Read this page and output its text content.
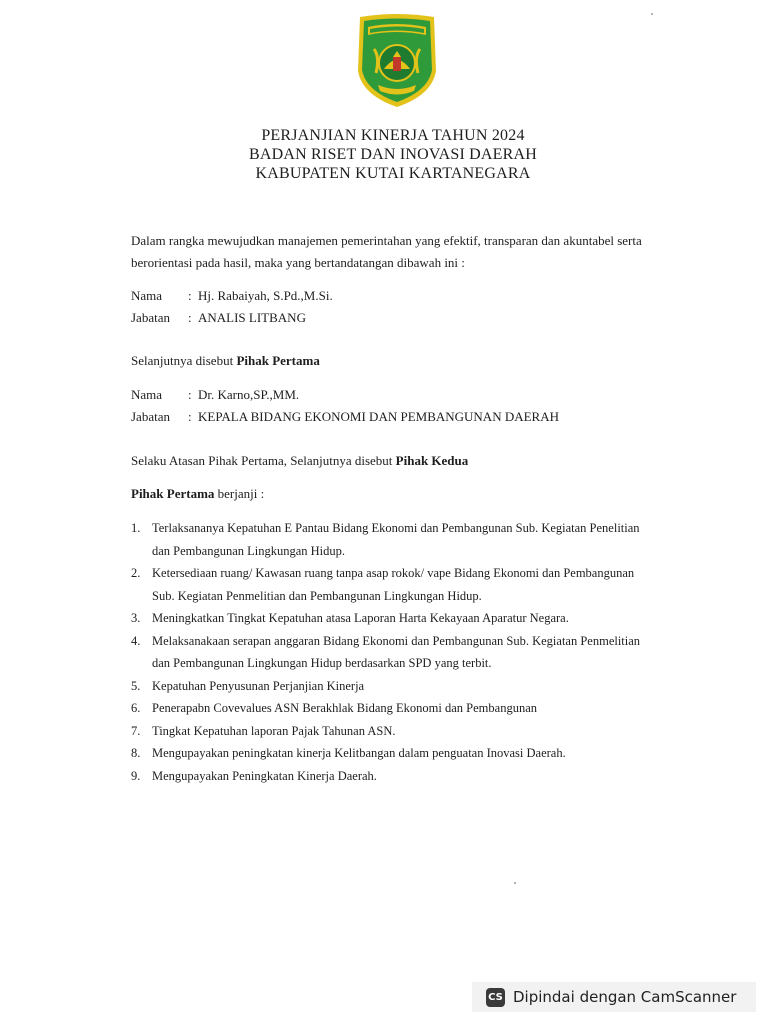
PERJANJIAN KINERJA TAHUN 2024
BADAN RISET DAN INOVASI DAERAH
KABUPATEN KUTAI KARTANEGARA
Dalam rangka mewujudkan manajemen pemerintahan yang efektif, transparan dan akuntabel serta berorientasi pada hasil, maka yang bertandatangan dibawah ini :
Nama : Hj. Rabaiyah, S.Pd.,M.Si.
Jabatan : ANALIS LITBANG
Selanjutnya disebut Pihak Pertama
Nama : Dr. Karno,SP.,MM.
Jabatan : KEPALA BIDANG EKONOMI DAN PEMBANGUNAN DAERAH
Selaku Atasan Pihak Pertama, Selanjutnya disebut Pihak Kedua
Pihak Pertama berjanji :
1. Terlaksananya Kepatuhan E Pantau Bidang Ekonomi dan Pembangunan Sub. Kegiatan Penelitian dan Pembangunan Lingkungan Hidup.
2. Ketersediaan ruang/ Kawasan ruang tanpa asap rokok/ vape Bidang Ekonomi dan Pembangunan Sub. Kegiatan Penmelitian dan Pembangunan Lingkungan Hidup.
3. Meningkatkan Tingkat Kepatuhan atasa Laporan Harta Kekayaan Aparatur Negara.
4. Melaksanakaan serapan anggaran Bidang Ekonomi dan Pembangunan Sub. Kegiatan Penmelitian dan Pembangunan Lingkungan Hidup berdasarkan SPD yang terbit.
5. Kepatuhan Penyusunan Perjanjian Kinerja
6. Penerapabn Covevalues ASN Berakhlak Bidang Ekonomi dan Pembangunan
7. Tingkat Kepatuhan laporan Pajak Tahunan ASN.
8. Mengupayakan peningkatan kinerja Kelitbangan dalam penguatan Inovasi Daerah.
9. Mengupayakan Peningkatan Kinerja Daerah.
CS Dipindai dengan CamScanner
